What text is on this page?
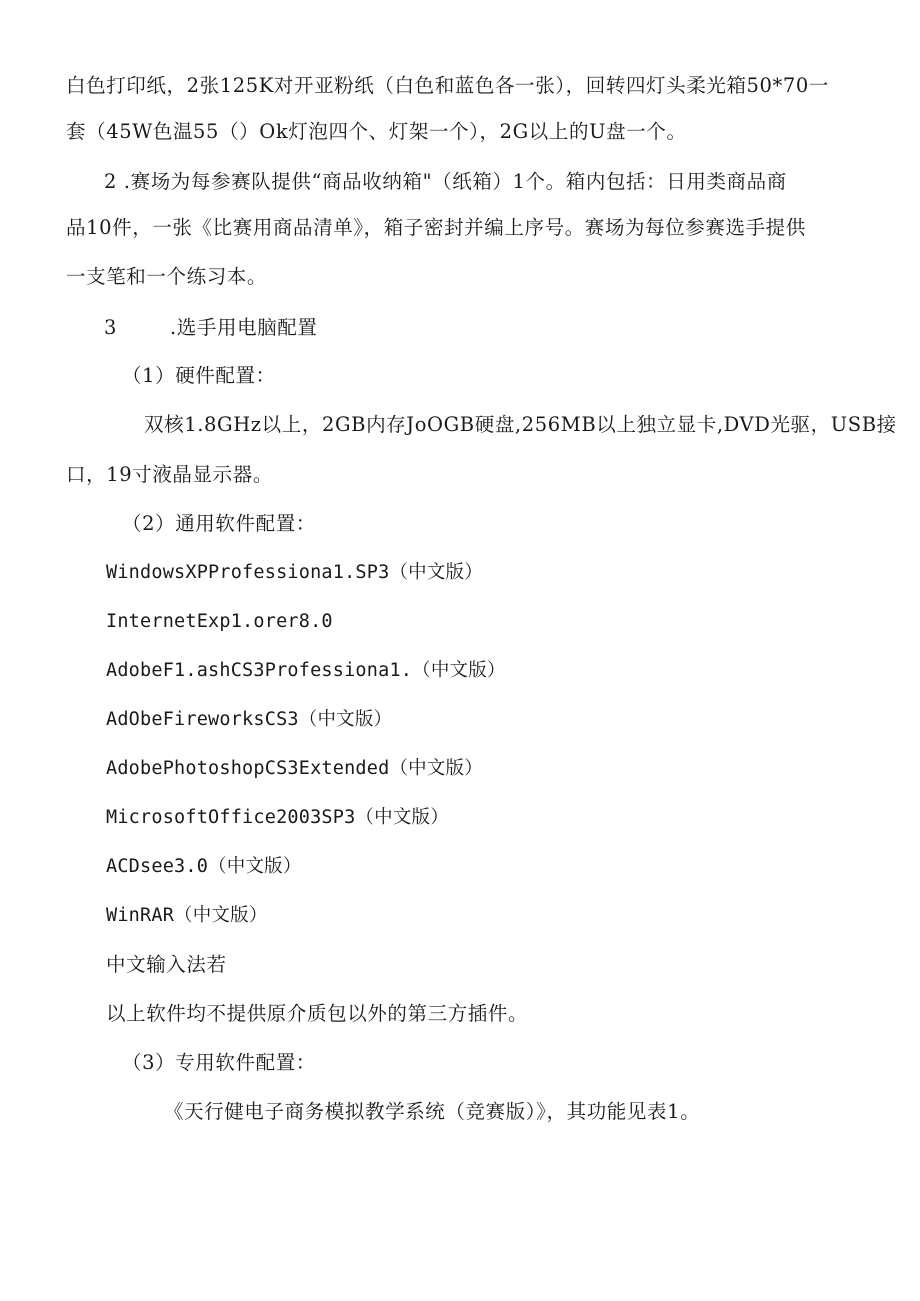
白色打印纸，2张125K对开亚粉纸（白色和蓝色各一张），回转四灯头柔光箱50*70一
套（45W色温55（）Ok灯泡四个、灯架一个），2G以上的U盘一个。
2 .赛场为每参赛队提供“商品收纳箱"（纸箱）1个。箱内包括：日用类商品商
品10件，一张《比赛用商品清单》，箱子密封并编上序号。赛场为每位参赛选手提供
一支笔和一个练习本。
3	.选手用电脑配置
（1）硬件配置：
双核1.8GHz以上，2GB内存JoOGB硬盘,256MB以上独立显卡,DVD光驱，USB接
口，19寸液晶显示器。
（2）通用软件配置：
WindowsXPProfessiona1.SP3（中文版）
InternetExp1.orer8.0
AdobeF1.ashCS3Professiona1.（中文版）
AdObeFireworksCS3（中文版）
AdobePhotoshopCS3Extended（中文版）
MicrosoftOffice2003SP3（中文版）
ACDsee3.0（中文版）
WinRAR（中文版）
中文输入法若
以上软件均不提供原介质包以外的第三方插件。
（3）专用软件配置：
《天行健电子商务模拟教学系统（竞赛版）》，其功能见表1。
